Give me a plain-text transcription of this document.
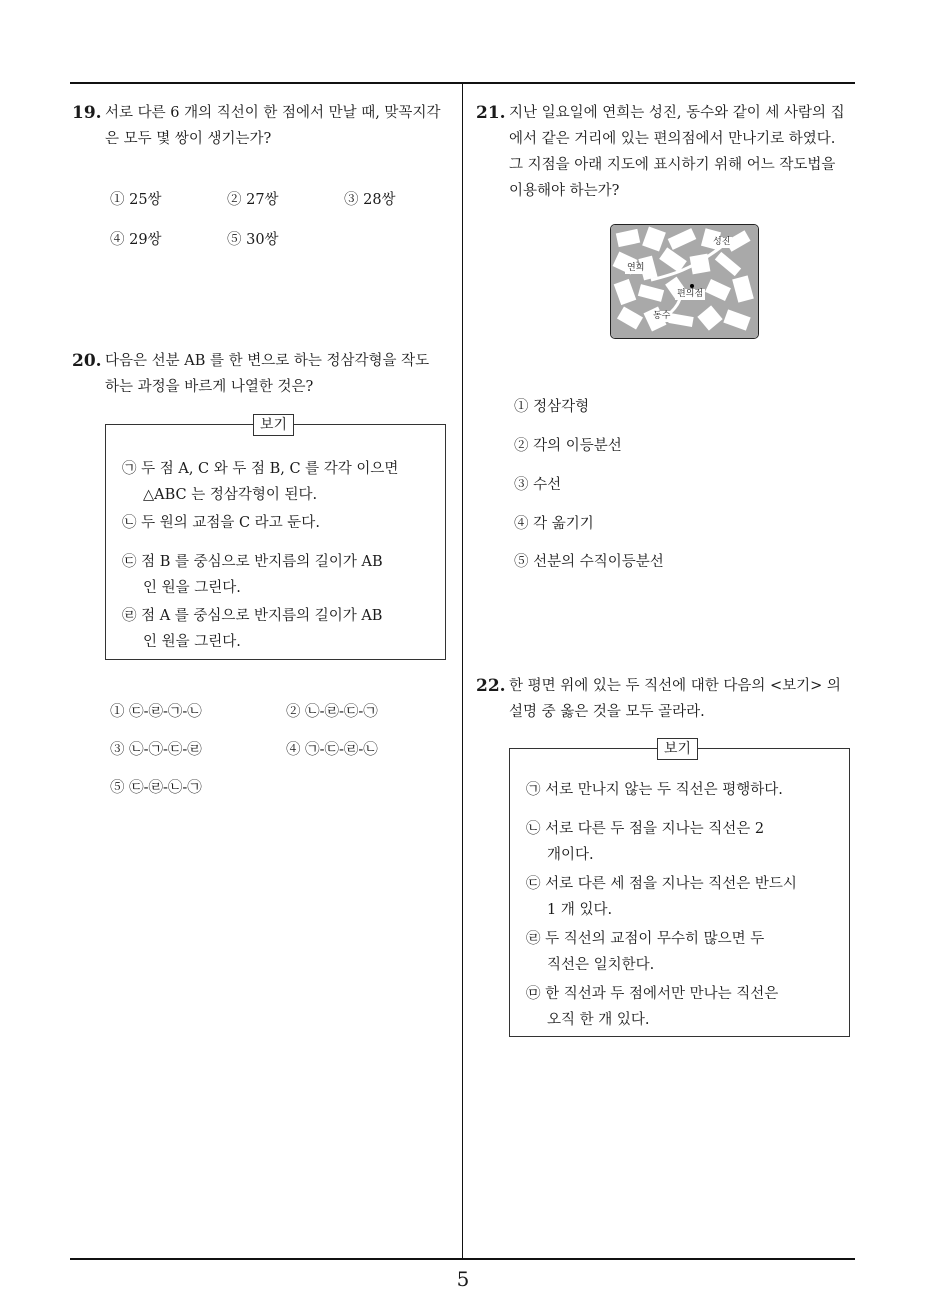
19. 서로 다른 6 개의 직선이 한 점에서 만날 때, 맞꼭지각
은 모두 몇 쌍이 생기는가?
① 25쌍	② 27쌍	③ 28쌍
④ 29쌍	⑤ 30쌍
20. 다음은 선분 AB 를 한 변으로 하는 정삼각형을 작도
하는 과정을 바르게 나열한 것은?
보기
㉠ 두 점 A, C 와 두 점 B, C 를 각각 이으면
△ABC 는 정삼각형이 된다.
㉡ 두 원의 교점을 C 라고 둔다.
㉢ 점 B 를 중심으로 반지름의 길이가 AB
인 원을 그린다.
㉣ 점 A 를 중심으로 반지름의 길이가 AB
인 원을 그린다.
① ㉢-㉣-㉠-㉡	② ㉡-㉣-㉢-㉠
③ ㉡-㉠-㉢-㉣	④ ㉠-㉢-㉣-㉡
⑤ ㉢-㉣-㉡-㉠
21. 지난 일요일에 연희는 성진, 동수와 같이 세 사람의 집
에서 같은 거리에 있는 편의점에서 만나기로 하였다.
그 지점을 아래 지도에 표시하기 위해 어느 작도법을
이용해야 하는가?
성진
연희
편의점
동수
① 정삼각형
② 각의 이등분선
③ 수선
④ 각 옮기기
⑤ 선분의 수직이등분선
22. 한 평면 위에 있는 두 직선에 대한 다음의 <보기> 의
설명 중 옳은 것을 모두 골라라.
보기
㉠ 서로 만나지 않는 두 직선은 평행하다.
㉡ 서로 다른 두 점을 지나는 직선은 2
개이다.
㉢ 서로 다른 세 점을 지나는 직선은 반드시
1 개 있다.
㉣ 두 직선의 교점이 무수히 많으면 두
직선은 일치한다.
㉤ 한 직선과 두 점에서만 만나는 직선은
오직 한 개 있다.
5
